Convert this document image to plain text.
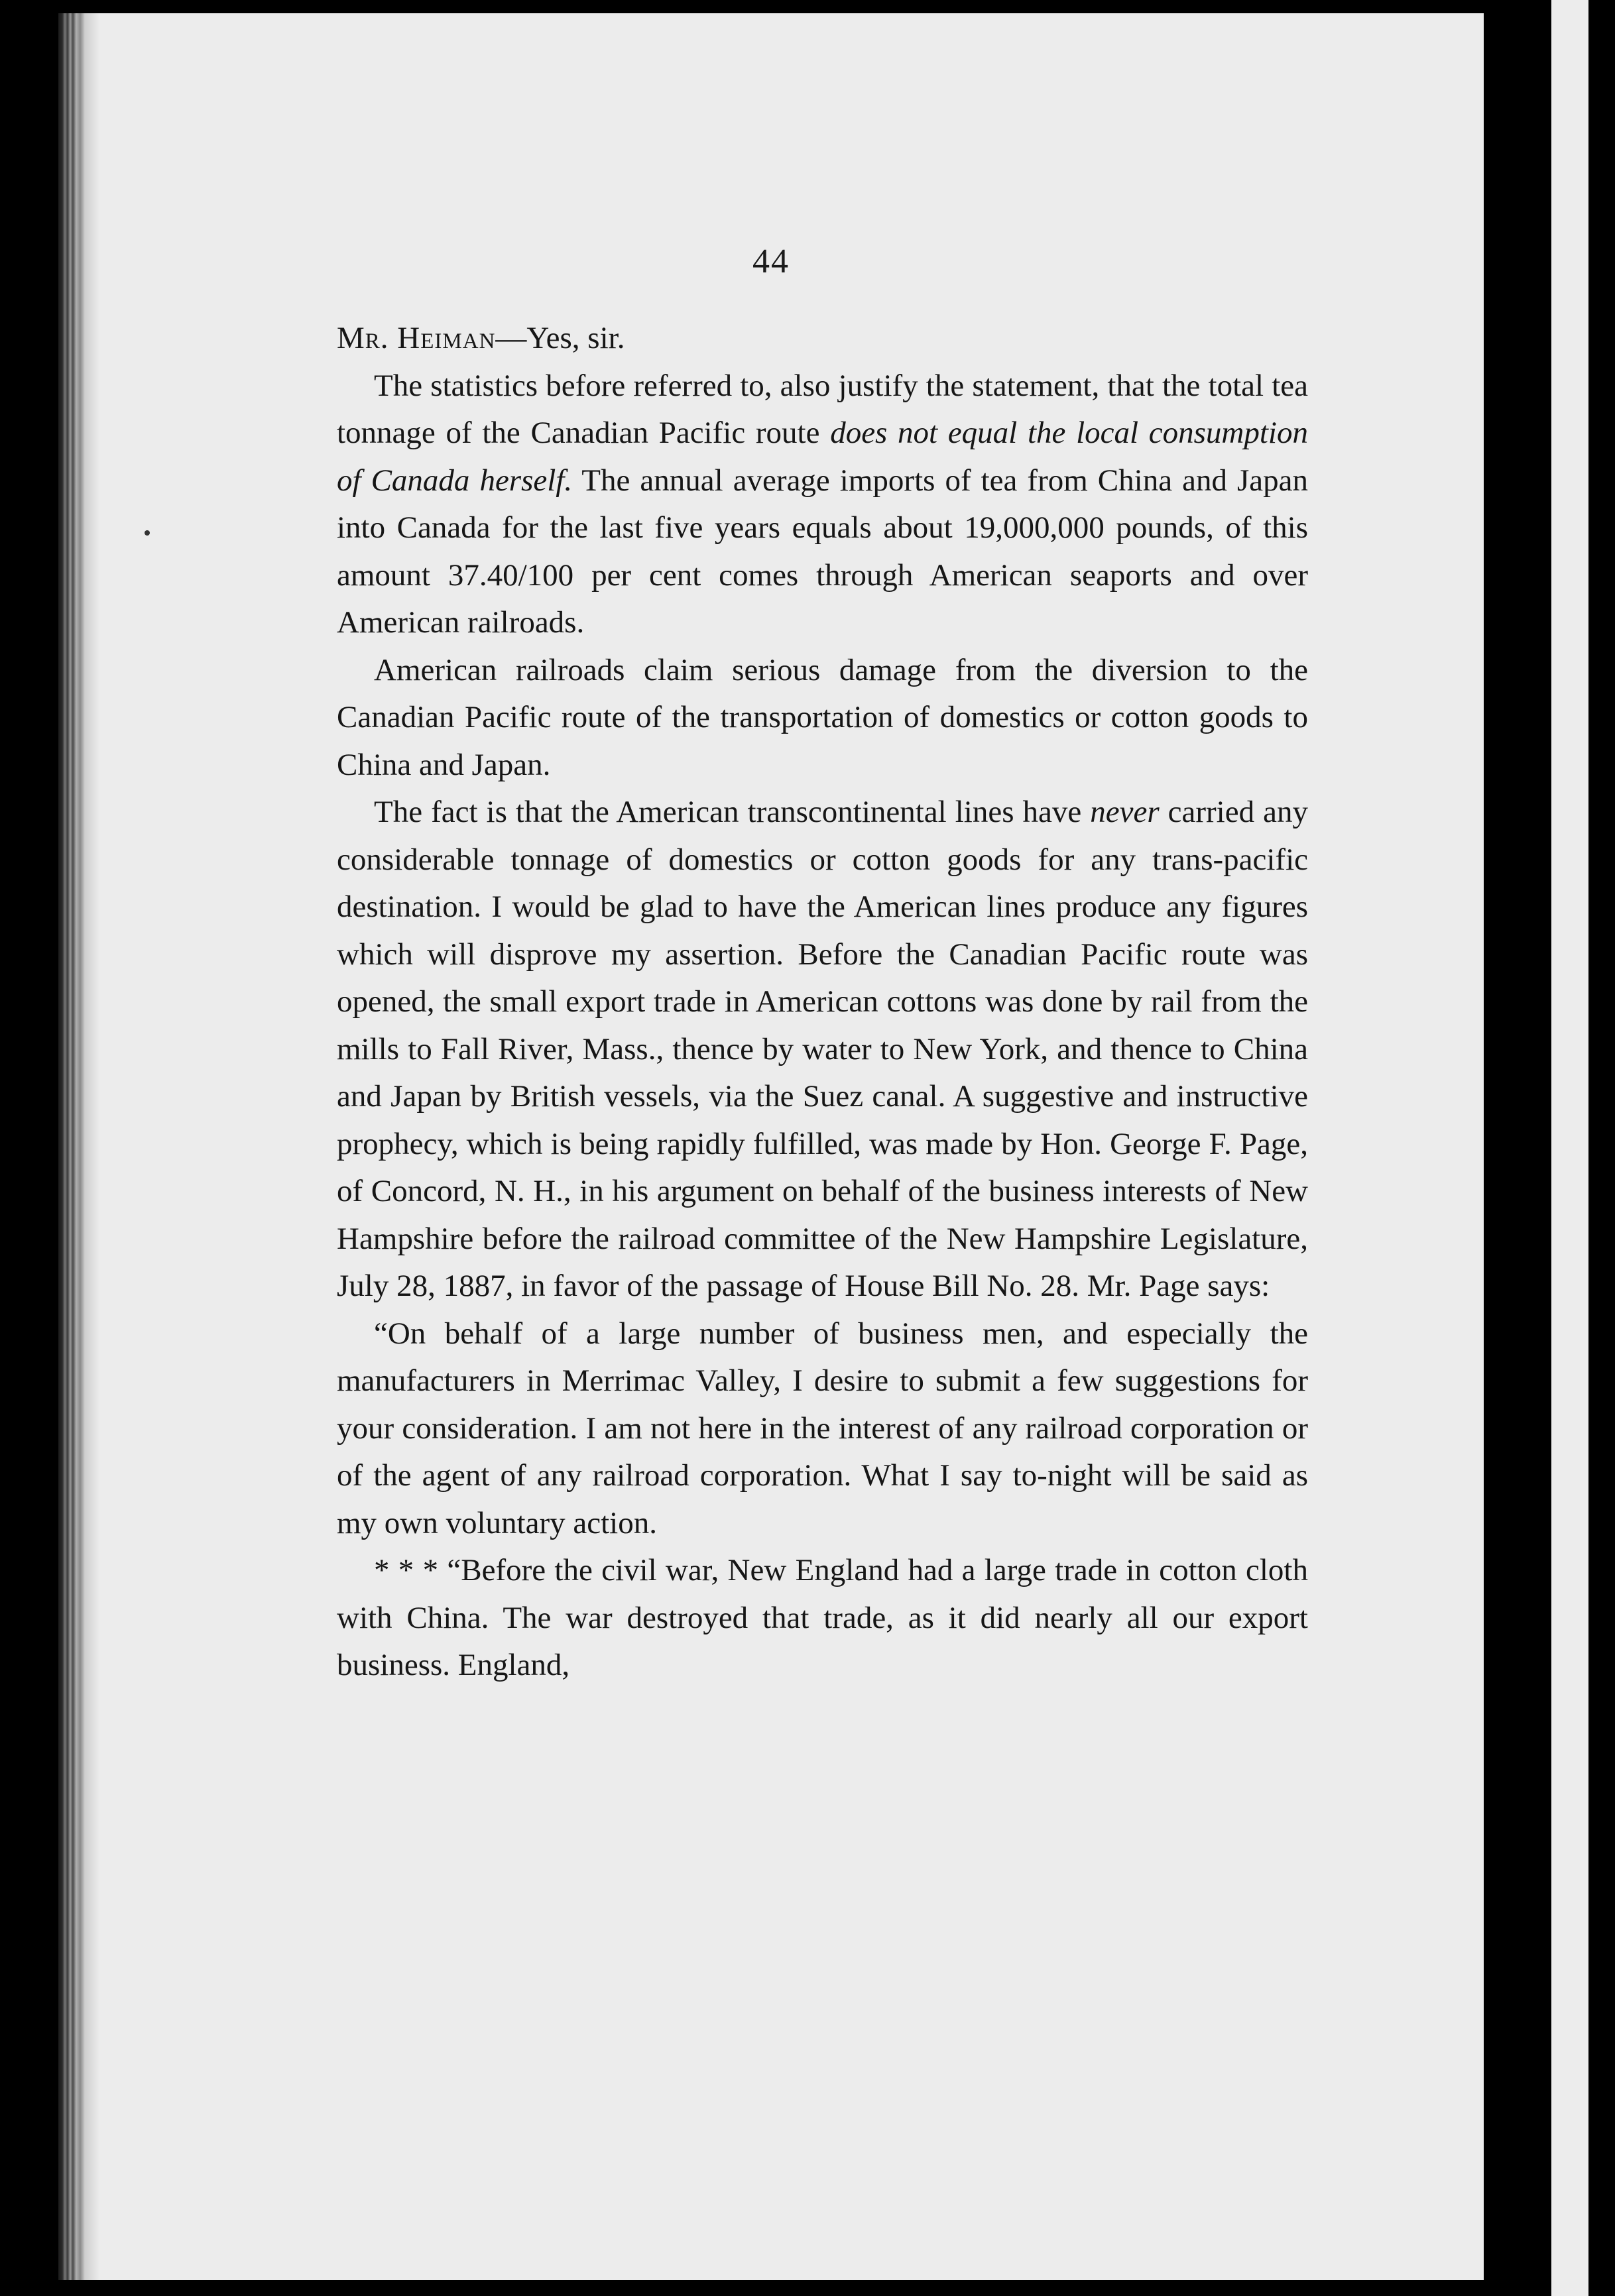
44

Mr. Heiman—Yes, sir.

The statistics before referred to, also justify the statement, that the total tea tonnage of the Canadian Pacific route does not equal the local consumption of Canada herself. The annual average imports of tea from China and Japan into Canada for the last five years equals about 19,000,000 pounds, of this amount 37.40/100 per cent comes through American seaports and over American railroads.

American railroads claim serious damage from the diversion to the Canadian Pacific route of the transportation of domestics or cotton goods to China and Japan.

The fact is that the American transcontinental lines have never carried any considerable tonnage of domestics or cotton goods for any trans-pacific destination. I would be glad to have the American lines produce any figures which will disprove my assertion. Before the Canadian Pacific route was opened, the small export trade in American cottons was done by rail from the mills to Fall River, Mass., thence by water to New York, and thence to China and Japan by British vessels, via the Suez canal. A suggestive and instructive prophecy, which is being rapidly fulfilled, was made by Hon. George F. Page, of Concord, N. H., in his argument on behalf of the business interests of New Hampshire before the railroad committee of the New Hampshire Legislature, July 28, 1887, in favor of the passage of House Bill No. 28. Mr. Page says:

“On behalf of a large number of business men, and especially the manufacturers in Merrimac Valley, I desire to submit a few suggestions for your consideration. I am not here in the interest of any railroad corporation or of the agent of any railroad corporation. What I say to-night will be said as my own voluntary action.

* * * “Before the civil war, New England had a large trade in cotton cloth with China. The war destroyed that trade, as it did nearly all our export business. England,
